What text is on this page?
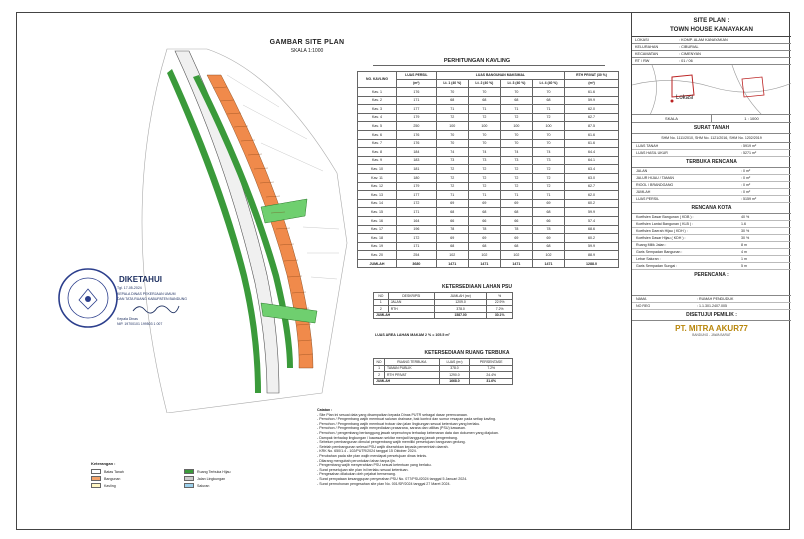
GAMBAR SITE PLAN
SKALA 1:1000
DIKETAHUI
Tgl. 17-05-2024
KEPALA DINAS PEKERJAAN UMUM
DAN TATA RUANG KABUPATEN BANDUNG
Kepala Dinas
NIP. 19700101 199503 1 007
Keterangan :
Batas Tanah	Ruang Terbuka Hijau
Bangunan	Jalan Lingkungan
Kavling	Saluran
PERHITUNGAN KAVLING
NO. KAVLING	LUAS PERSIL	LUAS BANGUNAN MAKSIMAL				RTH PRIVAT (30 %)
	(m²)	Lt. 1 (40 %)	Lt. 2 (40 %)	Lt. 3 (40 %)	Lt. 4 (40 %)	(m²)
Kav. 1	176	70	70	70	70	61.6
Kav. 2	171	68	68	68	68	59.9
Kav. 3	177	71	71	71	71	62.0
Kav. 4	179	72	72	72	72	62.7
Kav. 5	250	100	100	100	100	87.5
Kav. 6	176	70	70	70	70	61.6
Kav. 7	176	70	70	70	70	61.6
Kav. 8	184	74	74	74	74	64.4
Kav. 9	183	73	73	73	73	64.1
Kav. 10	181	72	72	72	72	63.4
Kav. 11	180	72	72	72	72	63.0
Kav. 12	179	72	72	72	72	62.7
Kav. 13	177	71	71	71	71	62.0
Kav. 14	172	69	69	69	69	60.2
Kav. 15	171	68	68	68	68	59.9
Kav. 16	164	66	66	66	66	57.4
Kav. 17	196	78	78	78	78	68.6
Kav. 18	172	69	69	69	69	60.2
Kav. 19	171	68	68	68	68	59.9
Kav. 20	254	102	102	102	102	88.9
JUMLAH	3680	1471	1471	1471	1471	1288.0
KETERSEDIAAN LAHAN PSU
NO	DESKRIPSI	JUMLAH (m²)	%
1	JALAN	1209.0	22.9%
2	RTH	378.0	7.2%
JUMLAH		1587.00	30.1%
LUAS AREA LAHAN MAKAM 2 % = 105.5 m²
KETERSEDIAAN RUANG TERBUKA
NO	RUANG TERBUKA	LUAS (m²)	PERSENTASE
1	TAMAN PUBLIK	378.0	7.2%
2	RTH PRIVAT	1290.0	24.4%
JUMLAH		1668.0	31.6%
Catatan :
- Site Plan ini sesuai data yang disampaikan kepada Dinas PUTR sebagai dasar perencanaan.
- Pemohon / Pengembang wajib membuat saluran drainase, bak kontrol dan sumur resapan pada setiap kavling.
- Pemohon / Pengembang wajib membuat trotoar dan jalan lingkungan sesuai ketentuan yang berlaku.
- Pemohon / Pengembang wajib menyediakan prasarana, sarana dan utilitas (PSU) kawasan.
- Pemohon / pengembang bertanggung jawab sepenuhnya terhadap kebenaran data dan dokumen yang diajukan.
- Dampak terhadap lingkungan / kawasan sekitar menjadi tanggung jawab pengembang.
- Sebelum pembangunan dimulai pengembang wajib memiliki persetujuan bangunan gedung.
- Setelah pembangunan selesai PSU wajib diserahkan kepada pemerintah daerah.
- KRK No. 650/1.4 - 102/PUTR/2024 tanggal 15 Oktober 2024.
- Perubahan pada site plan wajib mendapat persetujuan dinas teknis.
- Dilarang mengubah peruntukan lahan tanpa ijin.
- Pengembang wajib menyerahkan PSU sesuai ketentuan yang berlaku.
- Surat persetujuan site plan ini berlaku sesuai ketentuan.
- Pengesahan dilakukan oleh pejabat berwenang.
- Surat pernyataan kesanggupan penyerahan PSU No. 077/PSU/2024 tanggal 5 Januari 2024.
- Surat permohonan pengesahan site plan No. 001/SP/2024 tanggal 27 Maret 2024.
SITE PLAN :
TOWN HOUSE KANAYAKAN
LOKASI	: KOMP. ALAM KANAYAKAN
KELURAHAN	: CIBURIAL
KECAMATAN	: CIMENYAN
RT / RW	: 01 / 06
Lokasi
SKALA	1 : 1000
SURAT TANAH
SHM No. 1111/2010, SHM No. 1121/2016, SHM No. 1202/2019
LUAS TANAH	: 5919 m²
LUAS HASIL UKUR	: 5271 m²
TERBUKA RENCANA
JALAN	: 0 m²
JALUR HIJAU / TAMAN	: 0 m²
RIOOL / BRANDGANG	: 0 m²
JUMLAH	: 0 m²
LUAS PERSIL	: 5159 m²
RENCANA KOTA
Koefisien Dasar Bangunan ( KDB ) :	40 %
Koefisien Lantai Bangunan ( KLB ) :	1.6
Koefisien Daerah Hijau ( KDH ) :	30 %
Koefisien Dasar Hijau ( KDH ) :	30 %
Ruang Milik Jalan :	8 m
Garis Sempadan Bangunan :	4 m
Lebar Saluran :	1 m
Garis Sempadan Sungai :	5 m
PERENCANA :
NAMA	: RUMAH PENDUDUK
NO REG	: 1.1.301.2407.005
DISETUJUI PEMILIK :
PT. MITRA AKUR77
BANDUNG - JAWA BARAT
